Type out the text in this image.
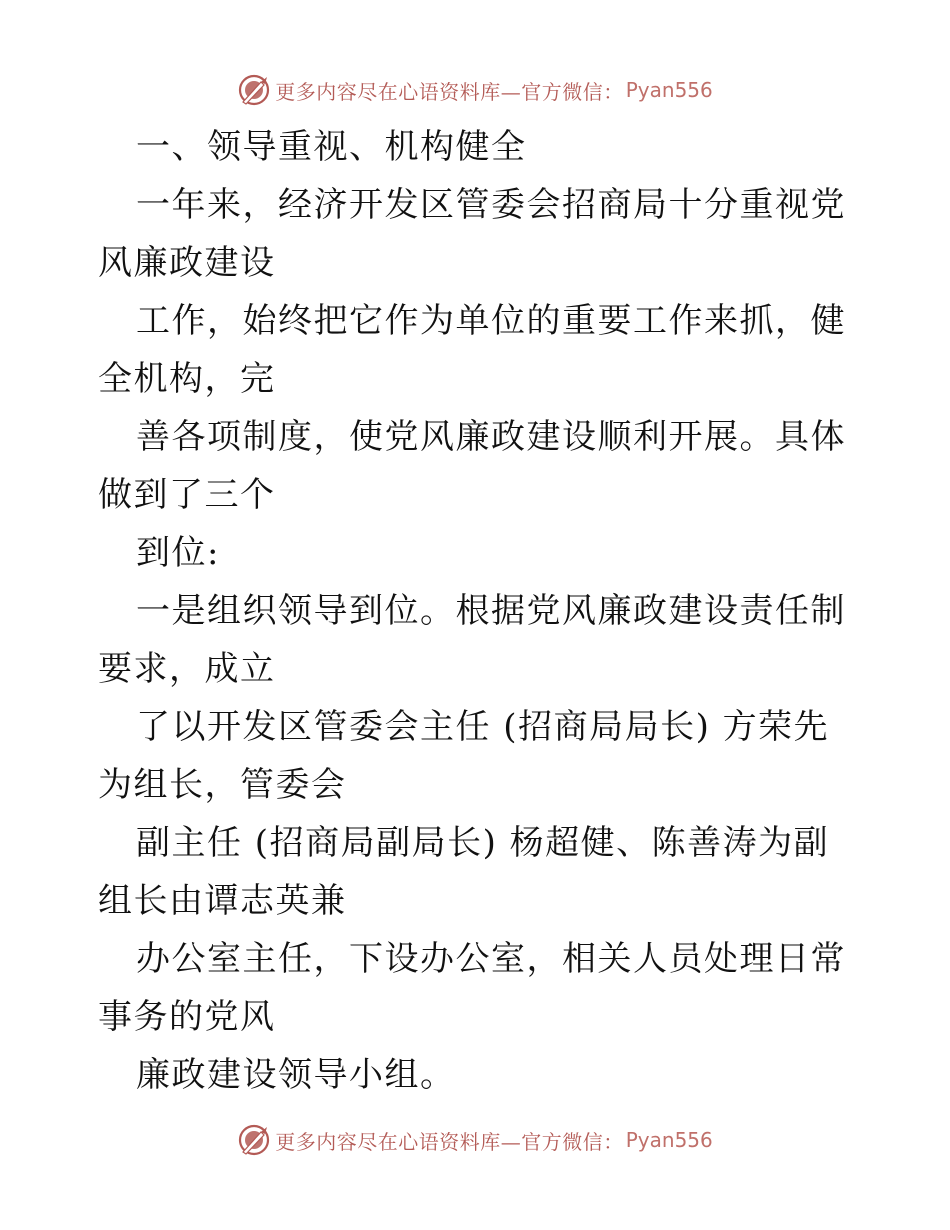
更多内容尽在心语资料库—官方微信： Pyan556

一、领导重视、机构健全

一年来，经济开发区管委会招商局十分重视党风廉政建设

工作，始终把它作为单位的重要工作来抓，健全机构，完

善各项制度，使党风廉政建设顺利开展。具体做到了三个

到位:

一是组织领导到位。根据党风廉政建设责任制要求，成立

了以开发区管委会主任 (招商局局长) 方荣先为组长，管委会

副主任 (招商局副局长) 杨超健、陈善涛为副组长由谭志英兼

办公室主任，下设办公室，相关人员处理日常事务的党风

廉政建设领导小组。

更多内容尽在心语资料库—官方微信： Pyan556
